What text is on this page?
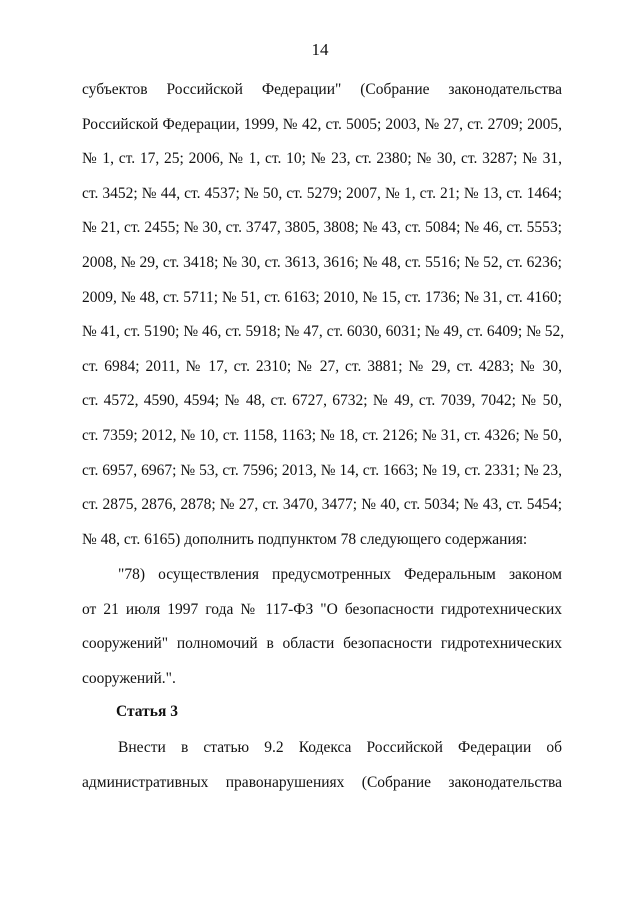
14
субъектов Российской Федерации" (Собрание законодательства
Российской Федерации, 1999, № 42, ст. 5005; 2003, № 27, ст. 2709; 2005,
№ 1, ст. 17, 25; 2006, № 1, ст. 10; № 23, ст. 2380; № 30, ст. 3287; № 31,
ст. 3452; № 44, ст. 4537; № 50, ст. 5279; 2007, № 1, ст. 21; № 13, ст. 1464;
№ 21, ст. 2455; № 30, ст. 3747, 3805, 3808; № 43, ст. 5084; № 46, ст. 5553;
2008, № 29, ст. 3418; № 30, ст. 3613, 3616; № 48, ст. 5516; № 52, ст. 6236;
2009, № 48, ст. 5711; № 51, ст. 6163; 2010, № 15, ст. 1736; № 31, ст. 4160;
№ 41, ст. 5190; № 46, ст. 5918; № 47, ст. 6030, 6031; № 49, ст. 6409; № 52,
ст. 6984; 2011, № 17, ст. 2310; № 27, ст. 3881; № 29, ст. 4283; № 30,
ст. 4572, 4590, 4594; № 48, ст. 6727, 6732; № 49, ст. 7039, 7042; № 50,
ст. 7359; 2012, № 10, ст. 1158, 1163; № 18, ст. 2126; № 31, ст. 4326; № 50,
ст. 6957, 6967; № 53, ст. 7596; 2013, № 14, ст. 1663; № 19, ст. 2331; № 23,
ст. 2875, 2876, 2878; № 27, ст. 3470, 3477; № 40, ст. 5034; № 43, ст. 5454;
№ 48, ст. 6165) дополнить подпунктом 78 следующего содержания:
"78) осуществления предусмотренных Федеральным законом
от 21 июля 1997 года № 117-ФЗ "О безопасности гидротехнических
сооружений" полномочий в области безопасности гидротехнических
сооружений.".
Статья 3
Внести в статью 9.2 Кодекса Российской Федерации об
административных правонарушениях (Собрание законодательства
